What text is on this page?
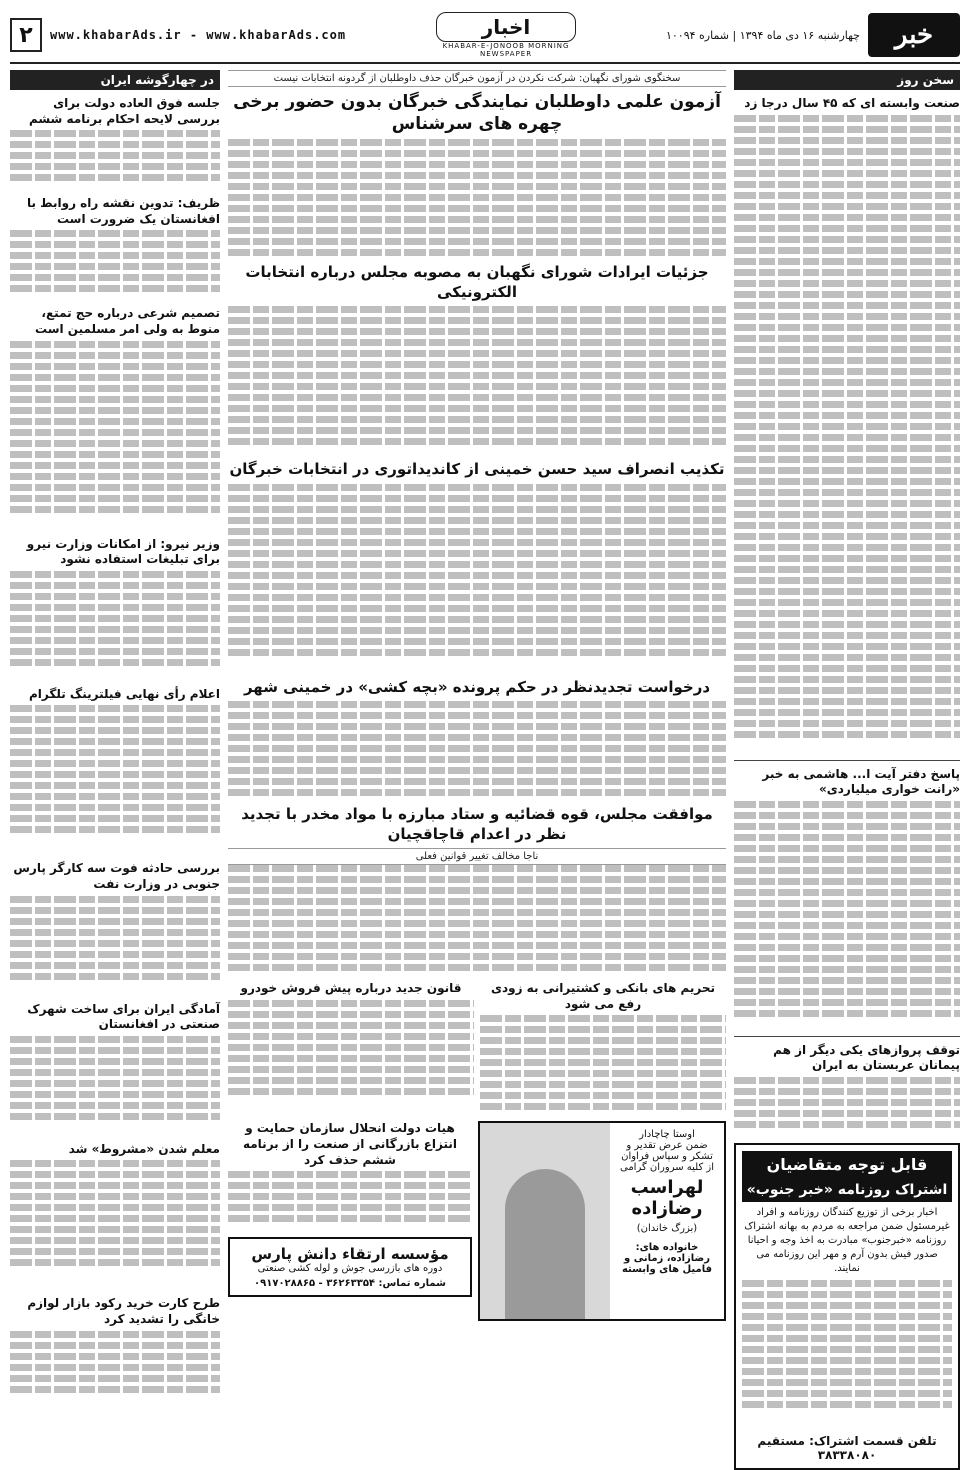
۲	www.khabarAds.ir - www.khabarAds.com	اخبار
KHABAR-E-JONOOB MORNING NEWSPAPER
چهارشنبه ۱۶ دی ماه ۱۳۹۴ | شماره ۱۰۰۹۴	خبر
سخن روز
صنعت وابسته ای که ۴۵ سال درجا زد
پاسخ دفتر آیت ا... هاشمی به خبر «رانت خواری میلیاردی»
توقف پروازهای یکی دیگر از هم پیمانان عربستان به ایران
قابل توجه متقاضیان
اشتراک روزنامه «خبر جنوب»
اخبار برخی از توزیع کنندگان روزنامه و افراد غیرمسئول ضمن مراجعه به مردم به بهانه اشتراک روزنامه «خبرجنوب» مبادرت به اخذ وجه و احیانا صدور فیش بدون آرم و مهر این روزنامه می نمایند.
تلفن قسمت اشتراک: مستقیم ۳۸۳۳۸۰۸۰
سخنگوی شورای نگهبان: شرکت نکردن در آزمون خبرگان حذف داوطلبان از گردونه انتخابات نیست
آزمون علمی داوطلبان نمایندگی خبرگان بدون حضور برخی چهره های سرشناس
جزئیات ایرادات شورای نگهبان به مصوبه مجلس درباره انتخابات الکترونیکی
تکذیب انصراف سید حسن خمینی از کاندیداتوری در انتخابات خبرگان
درخواست تجدیدنظر در حکم پرونده «بچه کشی» در خمینی شهر
موافقت مجلس، قوه قضائیه و ستاد مبارزه با مواد مخدر با تجدید نظر در اعدام قاچاقچیان
ناجا مخالف تغییر قوانین فعلی
تحریم های بانکی و کشتیرانی به زودی رفع می شود
قانون جدید درباره پیش فروش خودرو
اوستا چاچادار
ضمن عرض تقدیر و تشکر و سپاس فراوان از کلیه سروران گرامی
لهراسب رضازاده
(بزرگ خاندان)
خانواده های: رضازاده، زمانی و فامیل های وابسته
هیات دولت انحلال سازمان حمایت و انتزاع بازرگانی از صنعت را از برنامه ششم حذف کرد
مؤسسه ارتقاء دانش پارس
دوره های بازرسی جوش و لوله کشی صنعتی
شماره تماس: ۳۶۲۶۳۳۵۴ - ۰۹۱۷۰۲۸۸۶۵
در چهارگوشه ایران
جلسه فوق العاده دولت برای بررسی لایحه احکام برنامه ششم
ظریف: تدوین نقشه راه روابط با افغانستان یک ضرورت است
تصمیم شرعی درباره حج تمتع، منوط به ولی امر مسلمین است
وزیر نیرو: از امکانات وزارت نیرو برای تبلیغات استفاده نشود
اعلام رأی نهایی فیلترینگ تلگرام
بررسی حادثه فوت سه کارگر پارس جنوبی در وزارت نفت
آمادگی ایران برای ساخت شهرک صنعتی در افغانستان
معلم شدن «مشروط» شد
طرح کارت خرید رکود بازار لوازم خانگی را تشدید کرد
